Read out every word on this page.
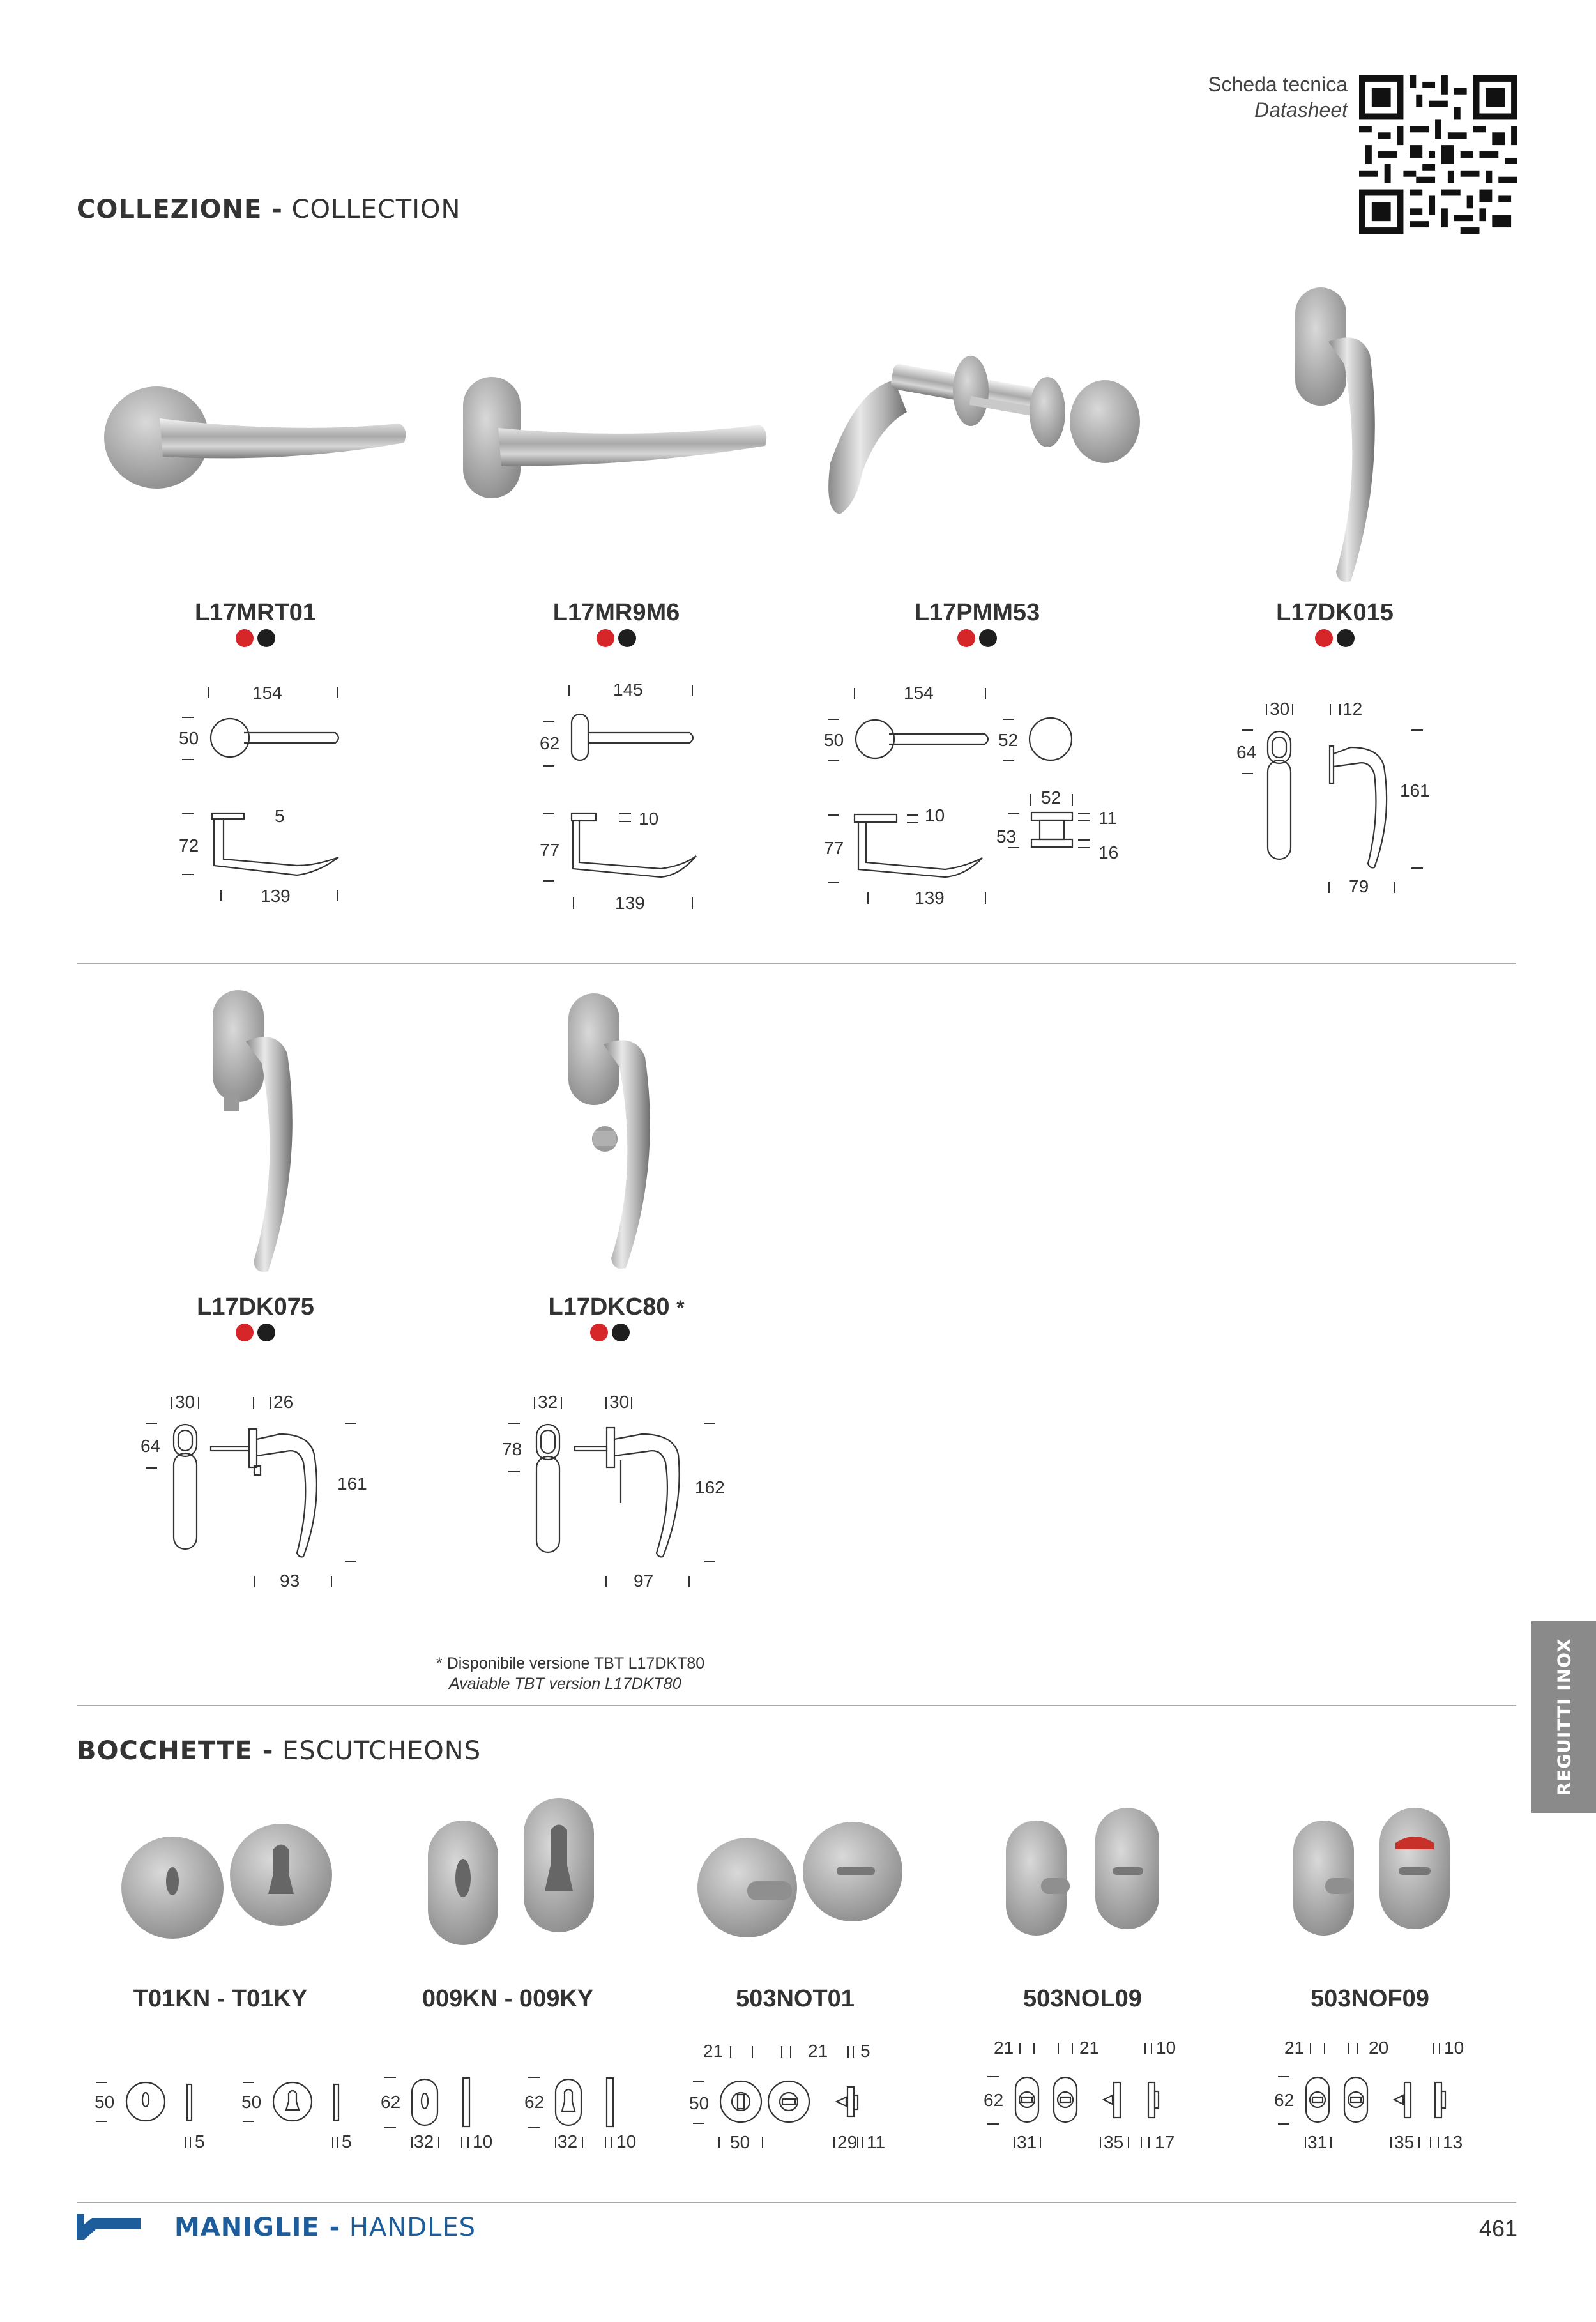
Scheda tecnica
Datasheet
COLLEZIONE - COLLECTION
L17MRT01	L17MR9M6	L17PMM53	L17DK015
154
50
5
72
139
145
62
10
77
139
154
50	52
10
52
11
77
53
16
139
30	12
64
161
79
L17DK075	L17DKC80 *
30	26
64
161
93
32	30
78
162
97
* Disponibile versione TBT L17DKT80
Avaiable TBT version L17DKT80	REGUITTI INOX
BOCCHETTE - ESCUTCHEONS
T01KN - T01KY	009KN - 009KY	503NOT01	503NOL09	503NOF09
50
5
50
5
62
32 10
62
32 10
21	21 5
50
50	29 11
21	21	10
62
31	35 17
21	20	10
62
31	35 13
MANIGLIE - HANDLES	461
